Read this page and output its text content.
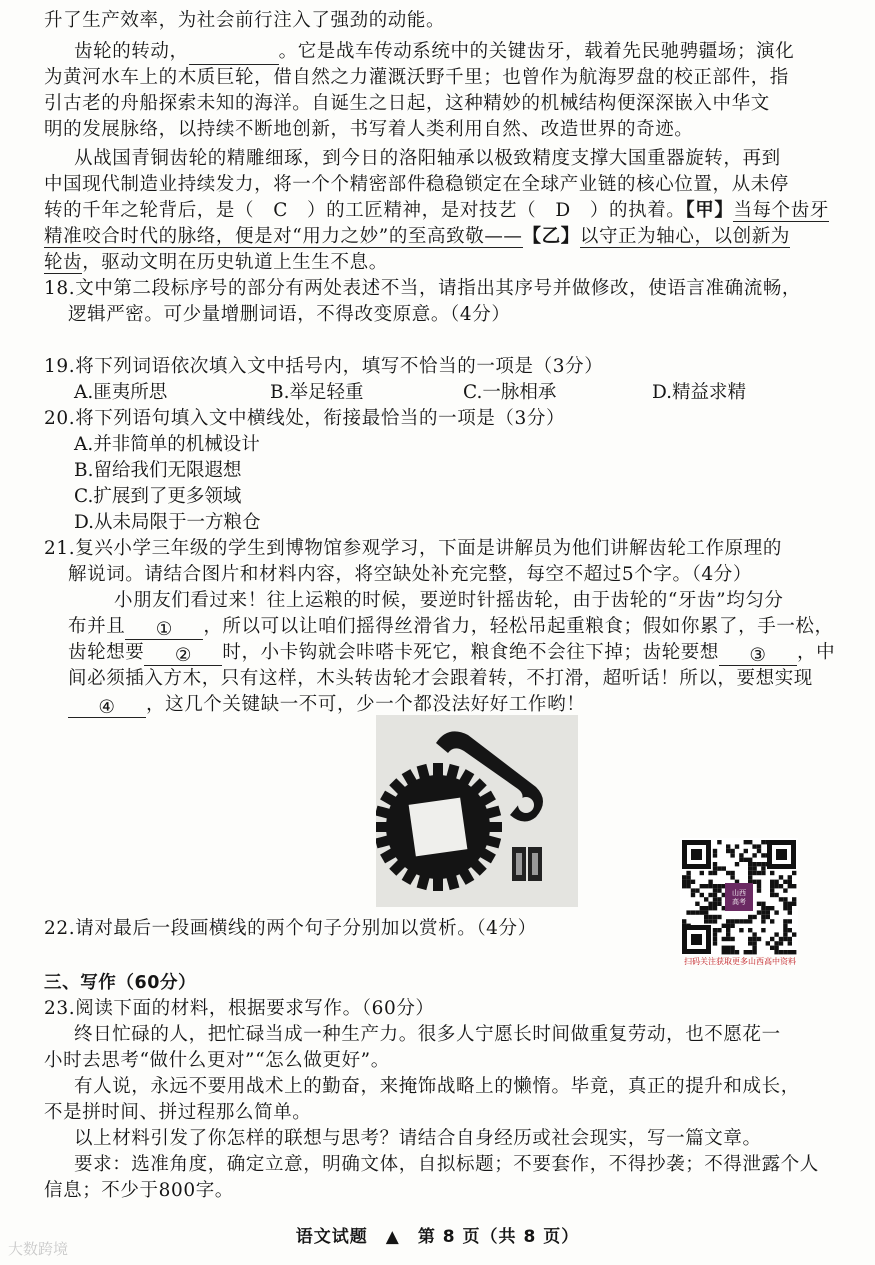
升了生产效率，为社会前行注入了强劲的动能。
齿轮的转动，	。它是战车传动系统中的关键齿牙，载着先民驰骋疆场；演化
为黄河水车上的木质巨轮，借自然之力灌溉沃野千里；也曾作为航海罗盘的校正部件，指
引古老的舟船探索未知的海洋。自诞生之日起，这种精妙的机械结构便深深嵌入中华文
明的发展脉络，以持续不断地创新，书写着人类利用自然、改造世界的奇迹。
从战国青铜齿轮的精雕细琢，到今日的洛阳轴承以极致精度支撑大国重器旋转，再到
中国现代制造业持续发力，将一个个精密部件稳稳锁定在全球产业链的核心位置，从未停
转的千年之轮背后，是（　C　）的工匠精神，是对技艺（　D　）的执着。【甲】当每个齿牙
精准咬合时代的脉络，便是对“用力之妙”的至高致敬——【乙】以守正为轴心，以创新为
轮齿，驱动文明在历史轨道上生生不息。
18.文中第二段标序号的部分有两处表述不当，请指出其序号并做修改，使语言准确流畅，
逻辑严密。可少量增删词语，不得改变原意。（4分）
19.将下列词语依次填入文中括号内，填写不恰当的一项是（3分）
A.匪夷所思	B.举足轻重	C.一脉相承	D.精益求精
20.将下列语句填入文中横线处，衔接最恰当的一项是（3分）
A.并非简单的机械设计
B.留给我们无限遐想
C.扩展到了更多领域
D.从未局限于一方粮仓
21.复兴小学三年级的学生到博物馆参观学习，下面是讲解员为他们讲解齿轮工作原理的
解说词。请结合图片和材料内容，将空缺处补充完整，每空不超过5个字。（4分）
小朋友们看过来！往上运粮的时候，要逆时针摇齿轮，由于齿轮的“牙齿”均匀分
布并且 ① ，所以可以让咱们摇得丝滑省力，轻松吊起重粮食；假如你累了，手一松，
齿轮想要 ② 时，小卡钩就会咔嗒卡死它，粮食绝不会往下掉；齿轮要想 ③ ，中
间必须插入方木，只有这样，木头转齿轮才会跟着转，不打滑，超听话！所以，要想实现
④ ，这几个关键缺一不可，少一个都没法好好工作哟！
22.请对最后一段画横线的两个句子分别加以赏析。（4分）
山西
高考
扫码关注获取更多山西高中资料
三、写作（60分）
23.阅读下面的材料，根据要求写作。（60分）
终日忙碌的人，把忙碌当成一种生产力。很多人宁愿长时间做重复劳动，也不愿花一
小时去思考“做什么更对”“怎么做更好”。
有人说，永远不要用战术上的勤奋，来掩饰战略上的懒惰。毕竟，真正的提升和成长，
不是拼时间、拼过程那么简单。
以上材料引发了你怎样的联想与思考？请结合自身经历或社会现实，写一篇文章。
要求：选准角度，确定立意，明确文体，自拟标题；不要套作，不得抄袭；不得泄露个人
信息；不少于800字。
语文试题　▲　第 8 页（共 8 页）
大数跨境
